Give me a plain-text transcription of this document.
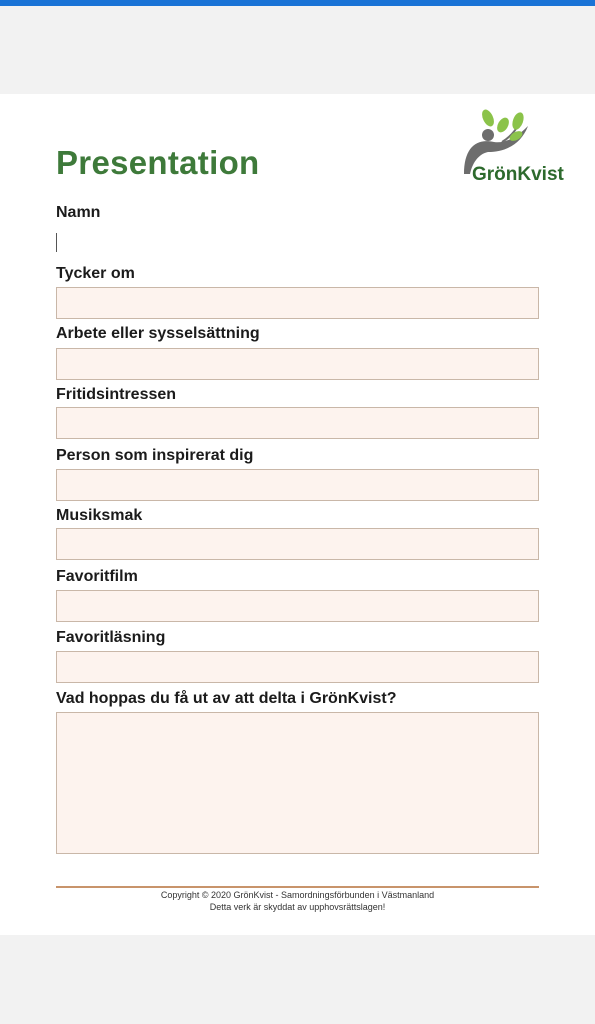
Presentation	GrönKvist
Namn
Tycker om
Arbete eller sysselsättning
Fritidsintressen
Person som inspirerat dig
Musiksmak
Favoritfilm
Favoritläsning
Vad hoppas du få ut av att delta i GrönKvist?
Copyright © 2020 GrönKvist - Samordningsförbunden i Västmanland
Detta verk är skyddat av upphovsrättslagen!
